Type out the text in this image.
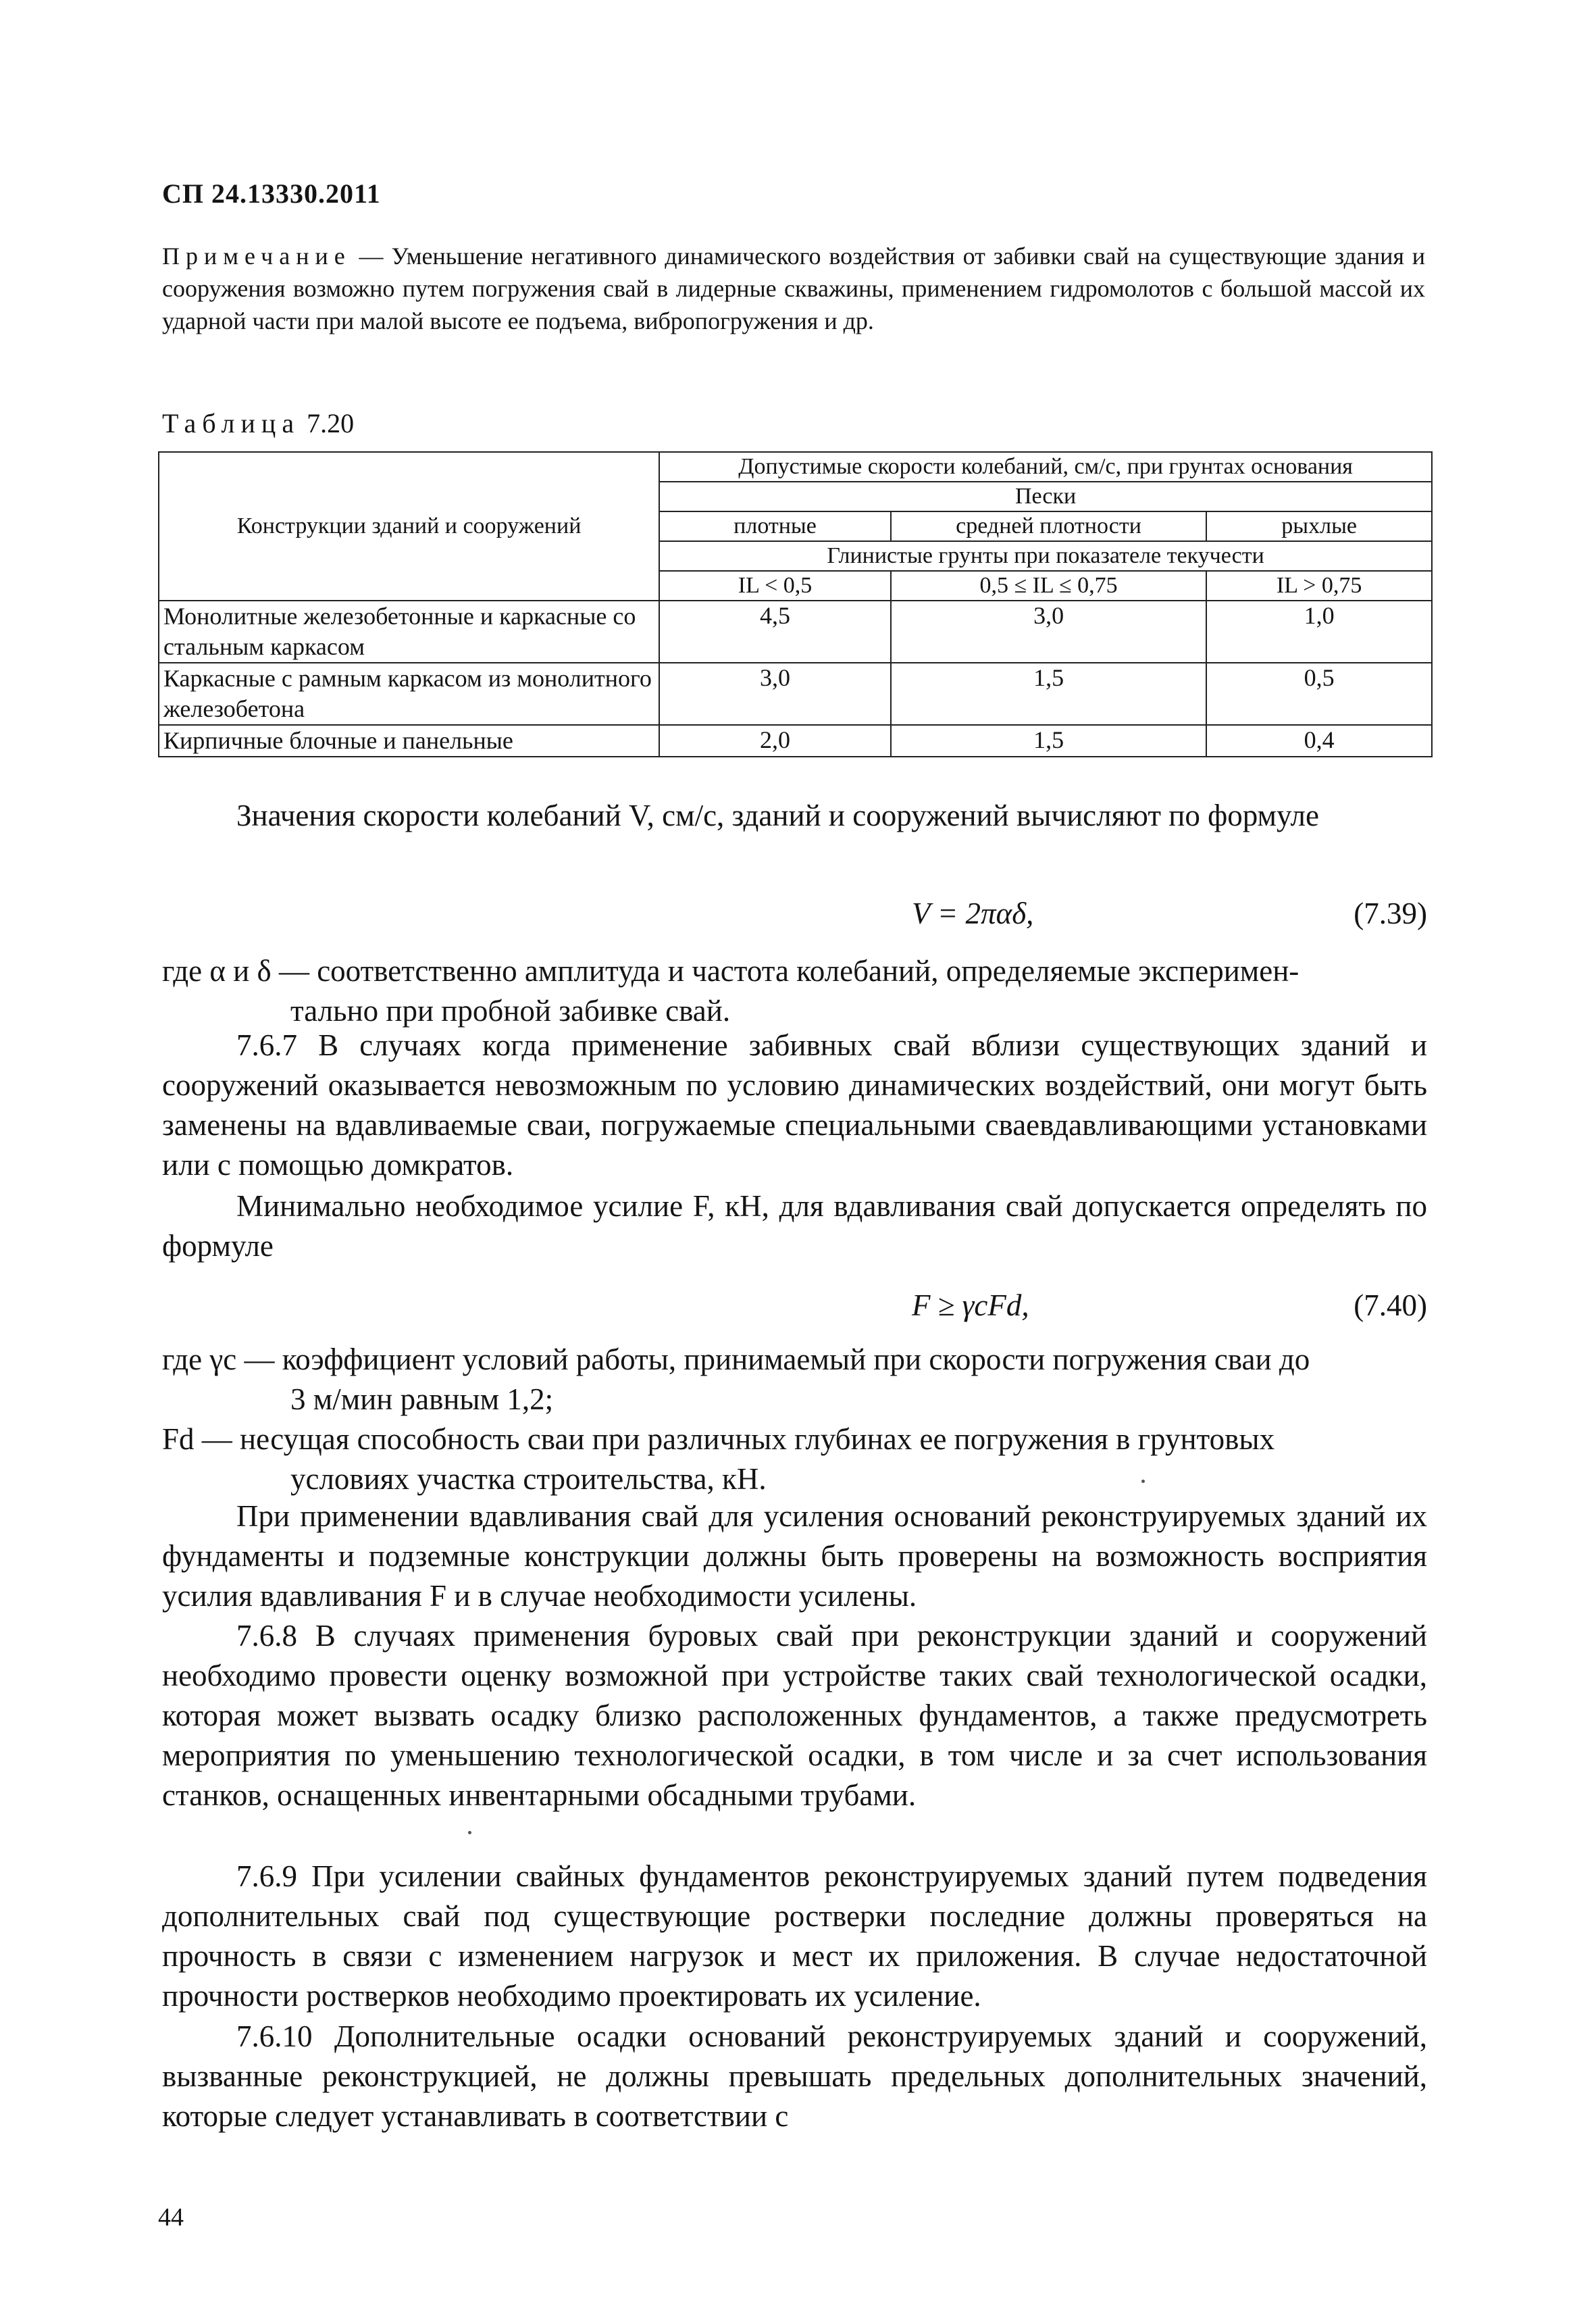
СП 24.13330.2011
Примечание — Уменьшение негативного динамического воздействия от забивки свай на существующие здания и сооружения возможно путем погружения свай в лидерные скважины, применением гидромолотов с большой массой их ударной части при малой высоте ее подъема, вибропогружения и др.
Таблица 7.20
Конструкции зданий и сооружений	Допустимые скорости колебаний, см/с, при грунтах основания		
	Пески		
	плотные	средней плотности	рыхлые
	Глинистые грунты при показателе текучести		
	IL < 0,5	0,5 ≤ IL ≤ 0,75	IL > 0,75
Монолитные железобетонные и каркасные со стальным каркасом	4,5	3,0	1,0
Каркасные с рамным каркасом из монолитного железобетона	3,0	1,5	0,5
Кирпичные блочные и панельные	2,0	1,5	0,4
Значения скорости колебаний V, см/с, зданий и сооружений вычисляют по формуле
V = 2παδ,	(7.39)
где α и δ — соответственно амплитуда и частота колебаний, определяемые эксперимен-
тально при пробной забивке свай.
7.6.7 В случаях когда применение забивных свай вблизи существующих зданий и сооружений оказывается невозможным по условию динамических воздействий, они могут быть заменены на вдавливаемые сваи, погружаемые специальными сваевдавливающими установками или с помощью домкратов.
Минимально необходимое усилие F, кН, для вдавливания свай допускается определять по формуле
F ≥ γcFd,	(7.40)
где γc — коэффициент условий работы, принимаемый при скорости погружения сваи до
3 м/мин равным 1,2;
Fd — несущая способность сваи при различных глубинах ее погружения в грунтовых
условиях участка строительства, кН.
При применении вдавливания свай для усиления оснований реконструируемых зданий их фундаменты и подземные конструкции должны быть проверены на возможность восприятия усилия вдавливания F и в случае необходимости усилены.
7.6.8 В случаях применения буровых свай при реконструкции зданий и сооружений необходимо провести оценку возможной при устройстве таких свай технологической осадки, которая может вызвать осадку близко расположенных фундаментов, а также предусмотреть мероприятия по уменьшению технологической осадки, в том числе и за счет использования станков, оснащенных инвентарными обсадными трубами.
7.6.9 При усилении свайных фундаментов реконструируемых зданий путем подведения дополнительных свай под существующие ростверки последние должны проверяться на прочность в связи с изменением нагрузок и мест их приложения. В случае недостаточной прочности ростверков необходимо проектировать их усиление.
7.6.10 Дополнительные осадки оснований реконструируемых зданий и сооружений, вызванные реконструкцией, не должны превышать предельных дополнительных значений, которые следует устанавливать в соответствии с
44
